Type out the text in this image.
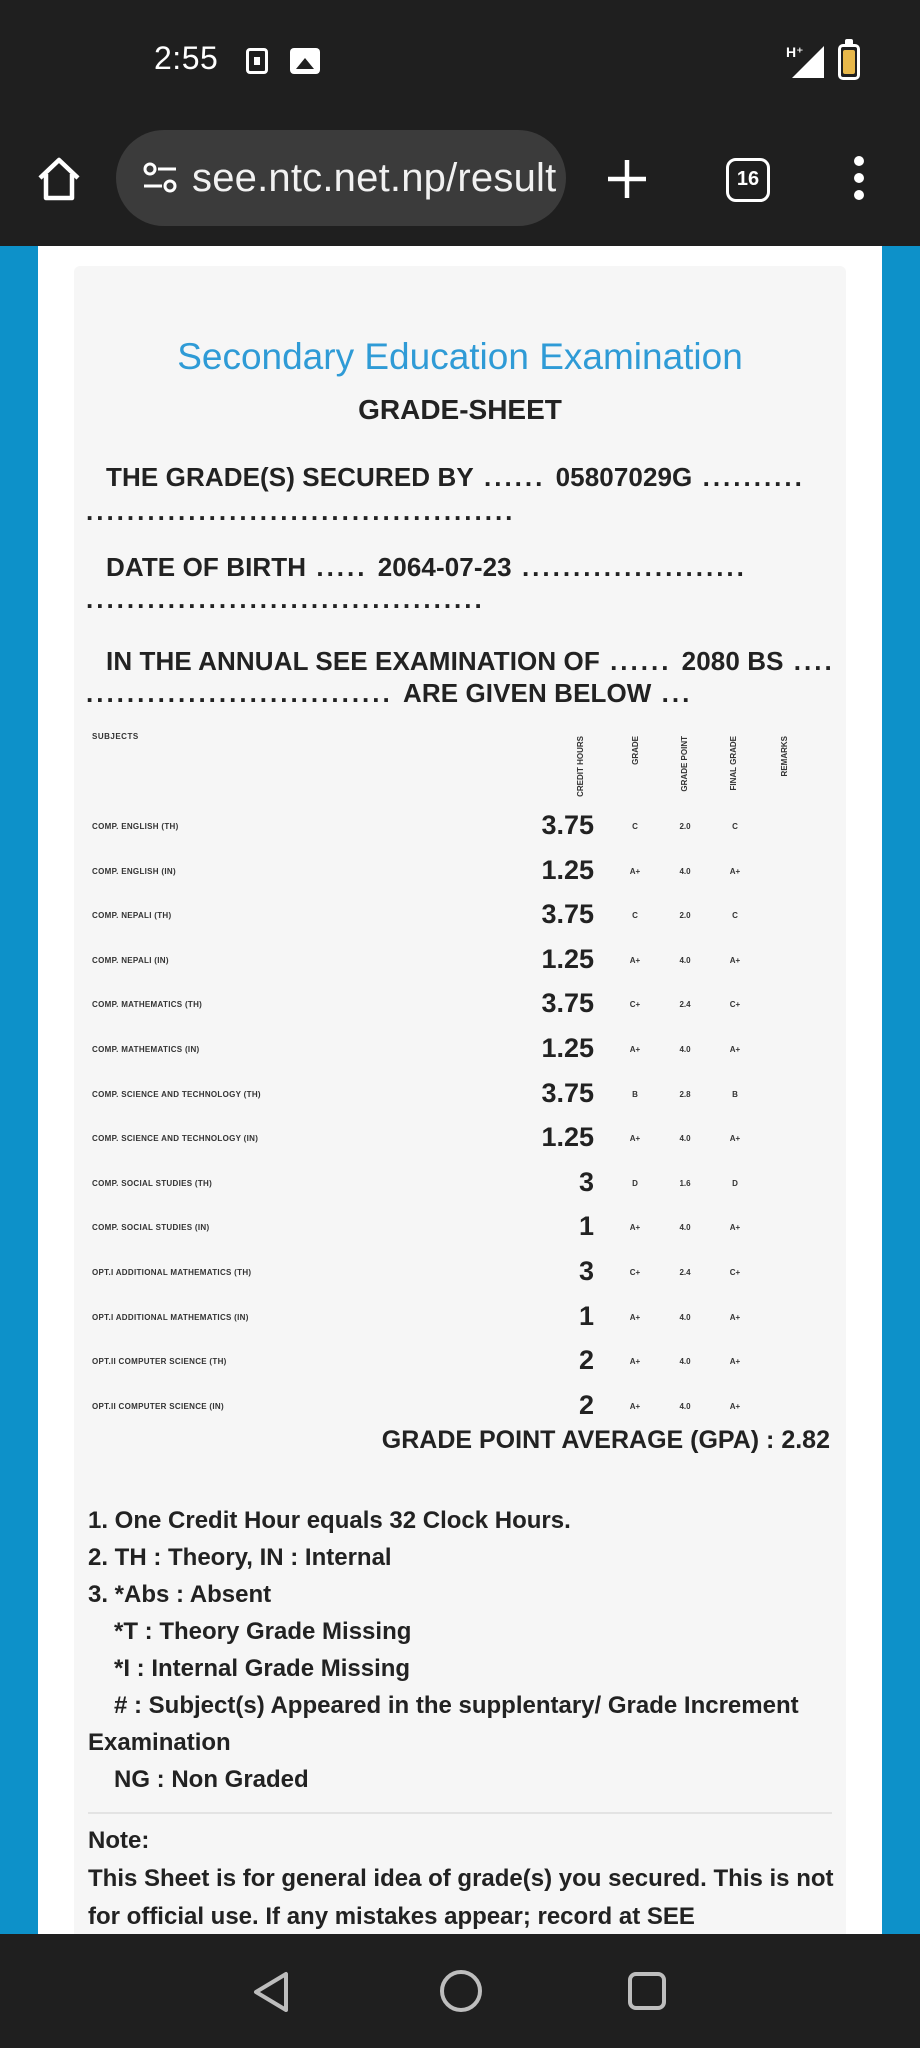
2:55	H⁺
see.ntc.net.np/result	16
Secondary Education Examination
GRADE-SHEET
THE GRADE(S) SECURED BY ...... 05807029G ..........
..........................................
DATE OF BIRTH ..... 2064-07-23 ......................
.......................................
IN THE ANNUAL SEE EXAMINATION OF ...... 2080 BS ....
.............................. ARE GIVEN BELOW ...
SUBJECTS	CREDIT HOURS	GRADE	GRADE POINT	FINAL GRADE	REMARKS
COMP. ENGLISH (TH)	3.75	C	2.0	C
COMP. ENGLISH (IN)	1.25	A+	4.0	A+
COMP. NEPALI (TH)	3.75	C	2.0	C
COMP. NEPALI (IN)	1.25	A+	4.0	A+
COMP. MATHEMATICS (TH)	3.75	C+	2.4	C+
COMP. MATHEMATICS (IN)	1.25	A+	4.0	A+
COMP. SCIENCE AND TECHNOLOGY (TH)	3.75	B	2.8	B
COMP. SCIENCE AND TECHNOLOGY (IN)	1.25	A+	4.0	A+
COMP. SOCIAL STUDIES (TH)	3	D	1.6	D
COMP. SOCIAL STUDIES (IN)	1	A+	4.0	A+
OPT.I ADDITIONAL MATHEMATICS (TH)	3	C+	2.4	C+
OPT.I ADDITIONAL MATHEMATICS (IN)	1	A+	4.0	A+
OPT.II COMPUTER SCIENCE (TH)	2	A+	4.0	A+
OPT.II COMPUTER SCIENCE (IN)	2	A+	4.0	A+
GRADE POINT AVERAGE (GPA) : 2.82
1. One Credit Hour equals 32 Clock Hours.
2. TH : Theory, IN : Internal
3. *Abs : Absent
*T : Theory Grade Missing
*I : Internal Grade Missing
# : Subject(s) Appeared in the supplentary/ Grade Increment
Examination
NG : Non Graded
Note:
This Sheet is for general idea of grade(s) you secured. This is not for official use. If any mistakes appear; record at SEE
